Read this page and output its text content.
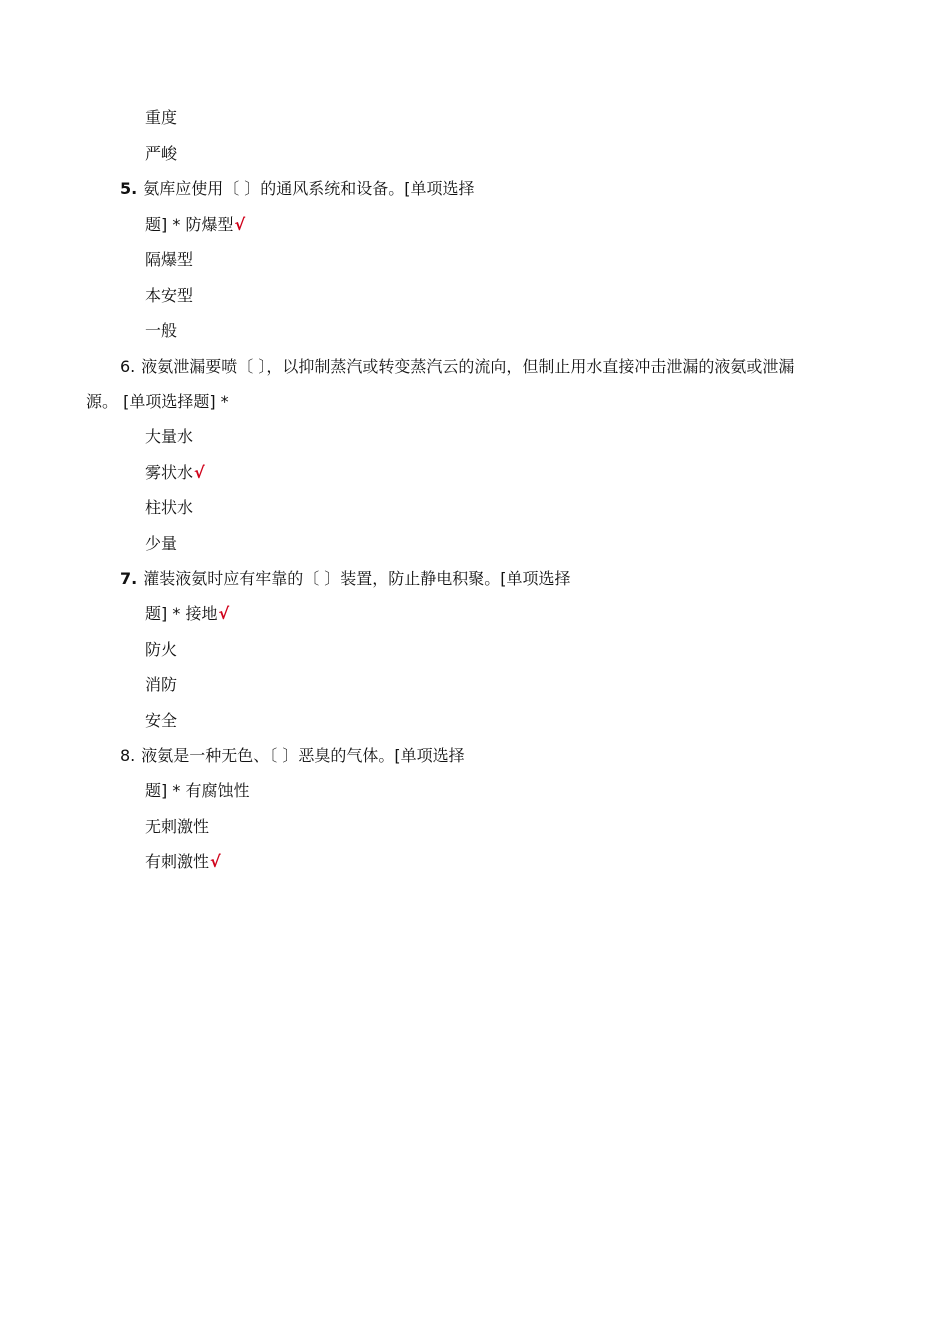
重度
严峻
5. 氨库应使用〔 〕的通风系统和设备。[单项选择
题] * 防爆型√
隔爆型
本安型
一般
6. 液氨泄漏要喷〔 〕，以抑制蒸汽或转变蒸汽云的流向，但制止用水直接冲击泄漏的液氨或泄漏
源。 [单项选择题] *
大量水
雾状水√
柱状水
少量
7. 灌装液氨时应有牢靠的〔 〕装置，防止静电积聚。[单项选择
题] * 接地√
防火
消防
安全
8. 液氨是一种无色、〔 〕恶臭的气体。[单项选择
题] * 有腐蚀性
无刺激性
有刺激性√
